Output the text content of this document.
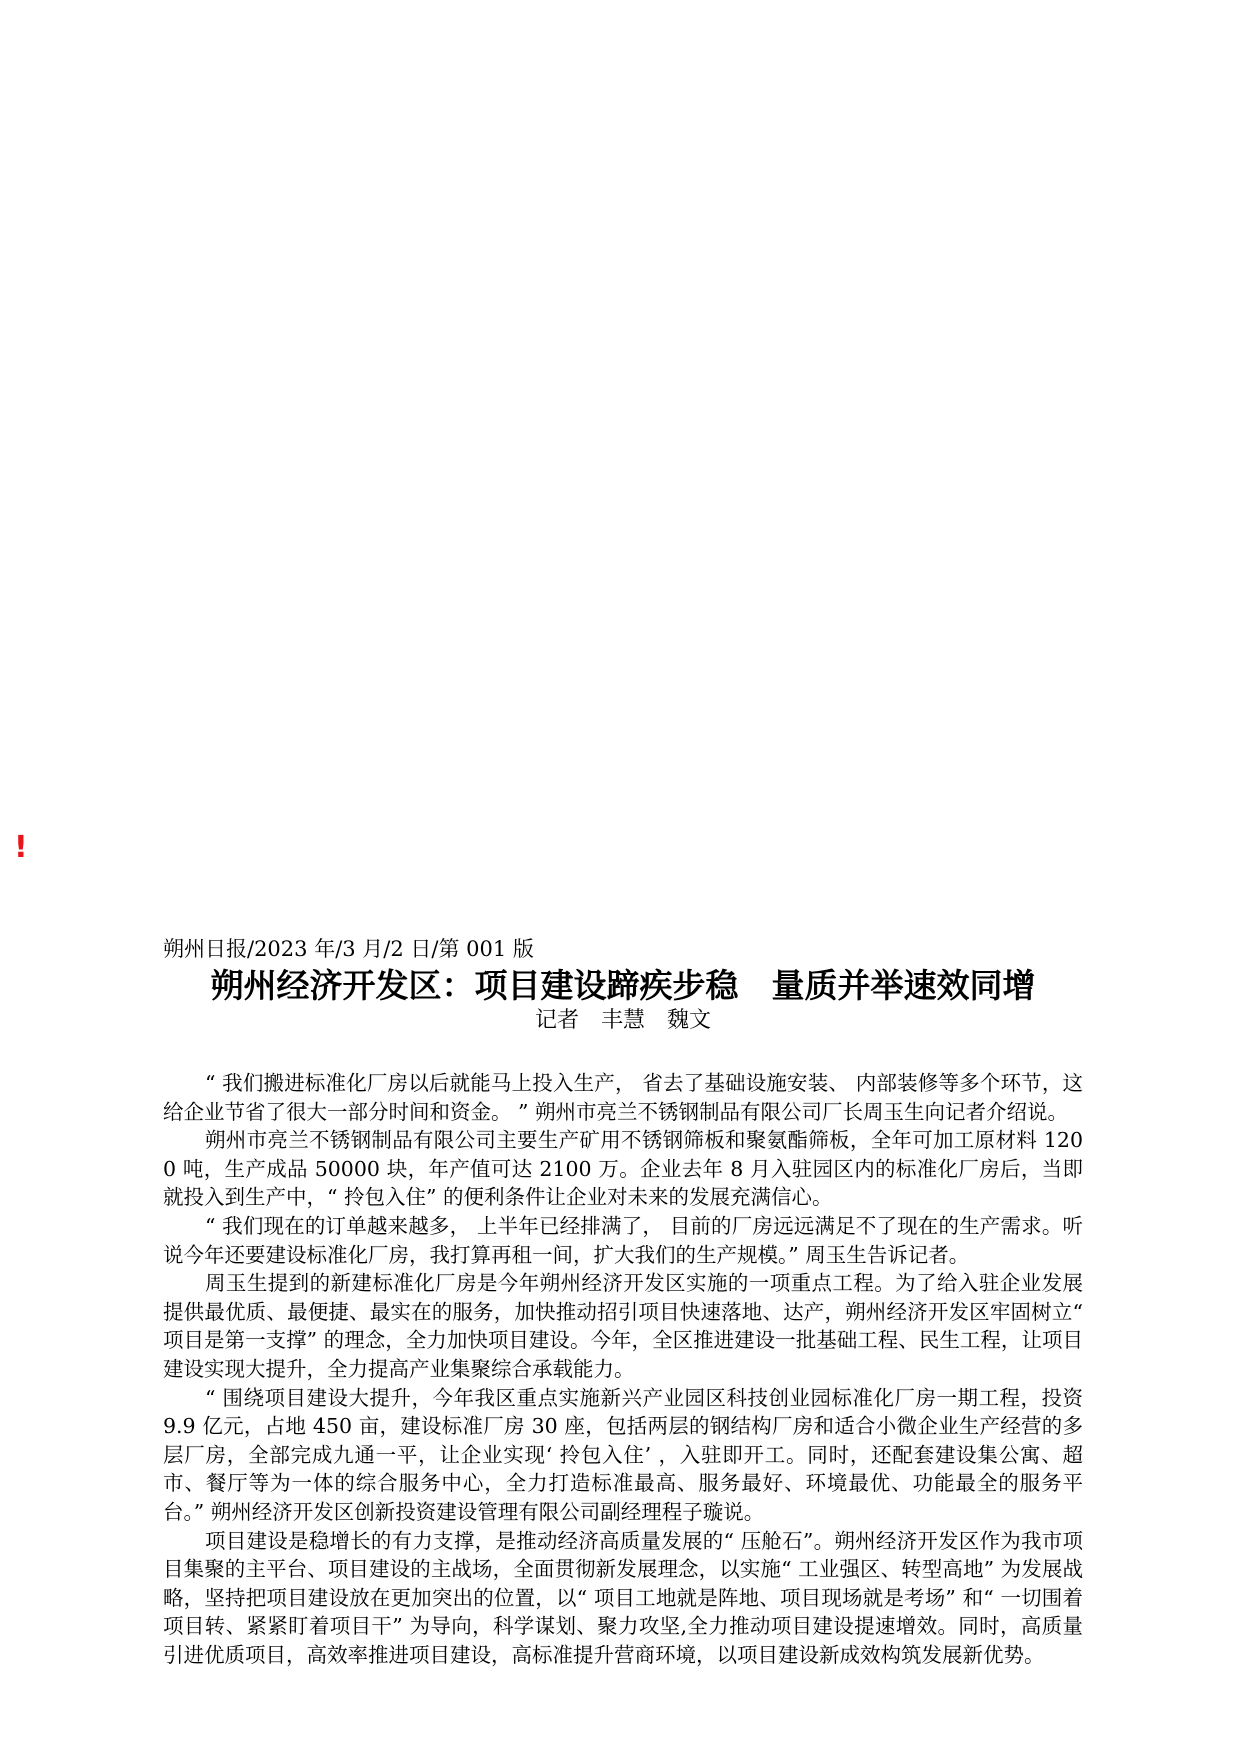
!

朔州日报/2023 年/3 月/2 日/第 001 版

朔州经济开发区：项目建设蹄疾步稳　量质并举速效同增

记者　丰慧　魏文

“ 我们搬进标准化厂房以后就能马上投入生产， 省去了基础设施安装、 内部装修等多个环节，这给企业节省了很大一部分时间和资金。 ” 朔州市亮兰不锈钢制品有限公司厂长周玉生向记者介绍说。

朔州市亮兰不锈钢制品有限公司主要生产矿用不锈钢筛板和聚氨酯筛板，全年可加工原材料 1200 吨，生产成品 50000 块，年产值可达 2100 万。企业去年 8 月入驻园区内的标准化厂房后，当即就投入到生产中，“ 拎包入住” 的便利条件让企业对未来的发展充满信心。

“ 我们现在的订单越来越多， 上半年已经排满了， 目前的厂房远远满足不了现在的生产需求。听说今年还要建设标准化厂房，我打算再租一间，扩大我们的生产规模。” 周玉生告诉记者。

周玉生提到的新建标准化厂房是今年朔州经济开发区实施的一项重点工程。为了给入驻企业发展提供最优质、最便捷、最实在的服务，加快推动招引项目快速落地、达产，朔州经济开发区牢固树立“ 项目是第一支撑” 的理念，全力加快项目建设。今年，全区推进建设一批基础工程、民生工程，让项目建设实现大提升，全力提高产业集聚综合承载能力。

“ 围绕项目建设大提升，今年我区重点实施新兴产业园区科技创业园标准化厂房一期工程，投资 9.9 亿元，占地 450 亩，建设标准厂房 30 座，包括两层的钢结构厂房和适合小微企业生产经营的多层厂房，全部完成九通一平，让企业实现‘ 拎包入住’ ，入驻即开工。同时，还配套建设集公寓、超市、餐厅等为一体的综合服务中心，全力打造标准最高、服务最好、环境最优、功能最全的服务平台。” 朔州经济开发区创新投资建设管理有限公司副经理程子璇说。

项目建设是稳增长的有力支撑，是推动经济高质量发展的“ 压舱石”。朔州经济开发区作为我市项目集聚的主平台、项目建设的主战场，全面贯彻新发展理念，以实施“ 工业强区、转型高地” 为发展战略，坚持把项目建设放在更加突出的位置，以“ 项目工地就是阵地、项目现场就是考场” 和“ 一切围着项目转、紧紧盯着项目干” 为导向，科学谋划、聚力攻坚,全力推动项目建设提速增效。同时，高质量引进优质项目，高效率推进项目建设，高标准提升营商环境，以项目建设新成效构筑发展新优势。
